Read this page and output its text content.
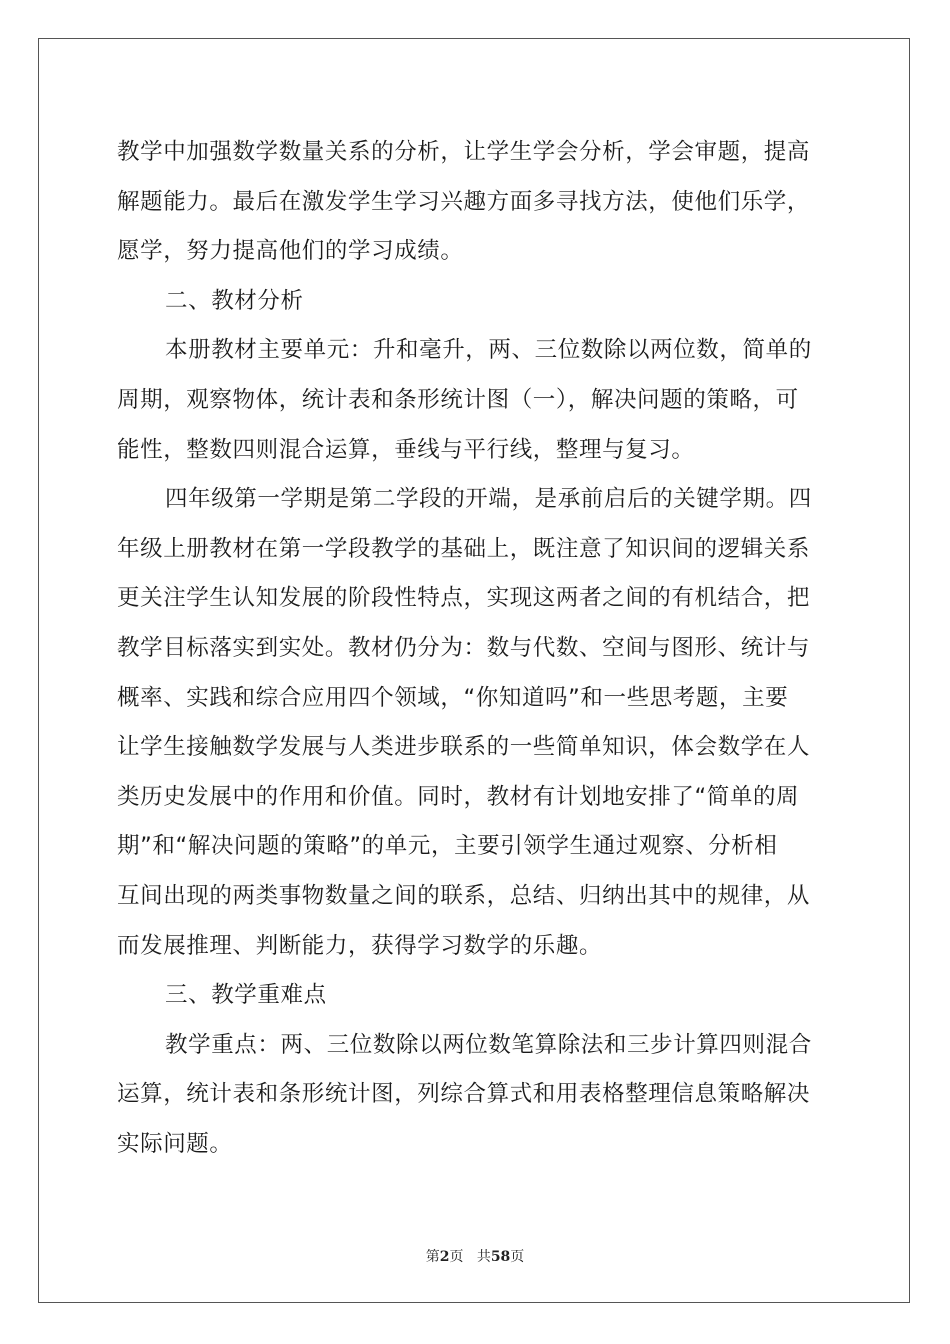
教学中加强数学数量关系的分析，让学生学会分析，学会审题，提高
解题能力。最后在激发学生学习兴趣方面多寻找方法，使他们乐学，
愿学，努力提高他们的学习成绩。
二、教材分析
本册教材主要单元：升和毫升，两、三位数除以两位数，简单的
周期，观察物体，统计表和条形统计图（一），解决问题的策略，可
能性，整数四则混合运算，垂线与平行线，整理与复习。
四年级第一学期是第二学段的开端，是承前启后的关键学期。四
年级上册教材在第一学段教学的基础上，既注意了知识间的逻辑关系
更关注学生认知发展的阶段性特点，实现这两者之间的有机结合，把
教学目标落实到实处。教材仍分为：数与代数、空间与图形、统计与
概率、实践和综合应用四个领域，“你知道吗”和一些思考题，主要
让学生接触数学发展与人类进步联系的一些简单知识，体会数学在人
类历史发展中的作用和价值。同时，教材有计划地安排了“简单的周
期”和“解决问题的策略”的单元，主要引领学生通过观察、分析相
互间出现的两类事物数量之间的联系，总结、归纳出其中的规律，从
而发展推理、判断能力，获得学习数学的乐趣。
三、教学重难点
教学重点：两、三位数除以两位数笔算除法和三步计算四则混合
运算，统计表和条形统计图，列综合算式和用表格整理信息策略解决
实际问题。
第2页 共58页
